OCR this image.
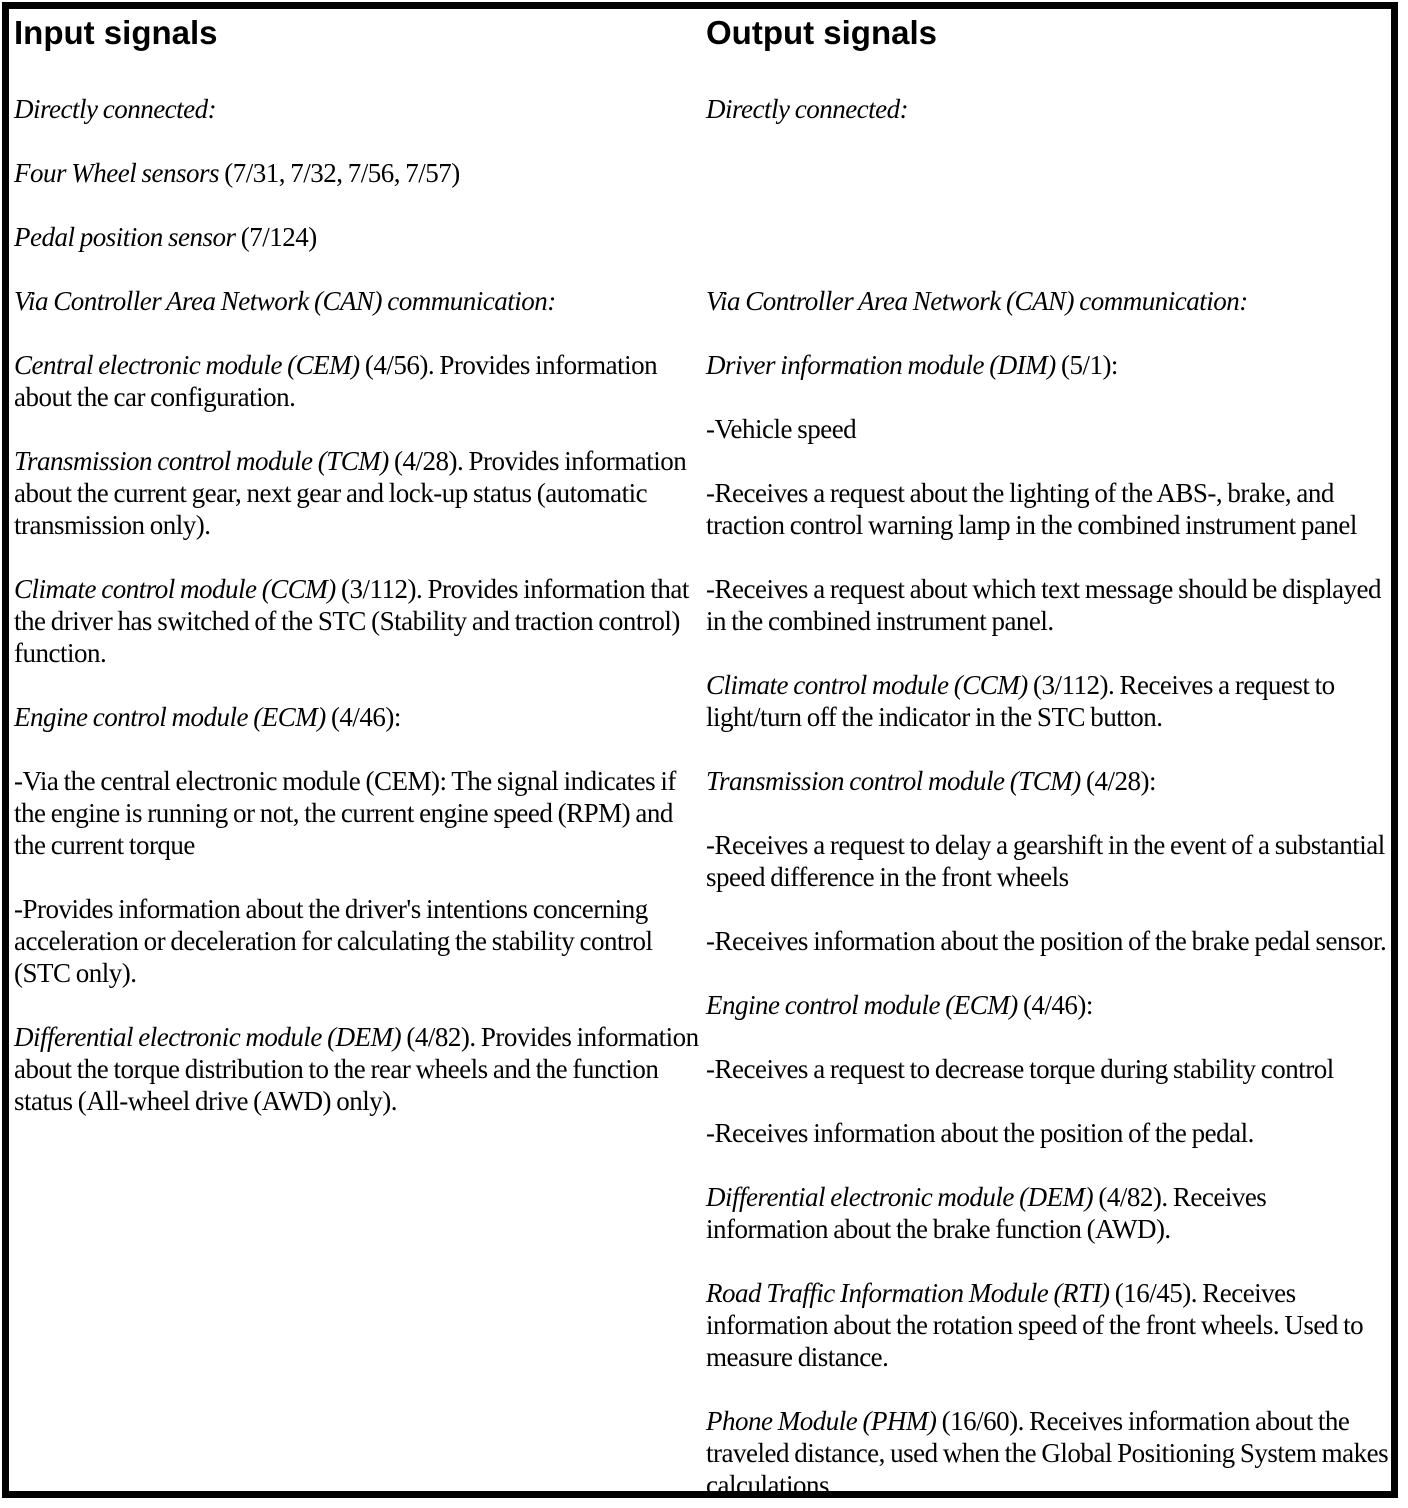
Input signals

Directly connected:

Four Wheel sensors (7/31, 7/32, 7/56, 7/57)

Pedal position sensor (7/124)

Via Controller Area Network (CAN) communication:

Central electronic module (CEM) (4/56). Provides information about the car configuration.

Transmission control module (TCM) (4/28). Provides information about the current gear, next gear and lock-up status (automatic transmission only).

Climate control module (CCM) (3/112). Provides information that the driver has switched of the STC (Stability and traction control) function.

Engine control module (ECM) (4/46):

-Via the central electronic module (CEM): The signal indicates if the engine is running or not, the current engine speed (RPM) and the current torque

-Provides information about the driver's intentions concerning acceleration or deceleration for calculating the stability control (STC only).

Differential electronic module (DEM) (4/82). Provides information about the torque distribution to the rear wheels and the function status (All-wheel drive (AWD) only).

Output signals

Directly connected:

Via Controller Area Network (CAN) communication:

Driver information module (DIM) (5/1):

-Vehicle speed

-Receives a request about the lighting of the ABS-, brake, and traction control warning lamp in the combined instrument panel

-Receives a request about which text message should be displayed in the combined instrument panel.

Climate control module (CCM) (3/112). Receives a request to light/turn off the indicator in the STC button.

Transmission control module (TCM) (4/28):

-Receives a request to delay a gearshift in the event of a substantial speed difference in the front wheels

-Receives information about the position of the brake pedal sensor.

Engine control module (ECM) (4/46):

-Receives a request to decrease torque during stability control

-Receives information about the position of the pedal.

Differential electronic module (DEM) (4/82). Receives information about the brake function (AWD).

Road Traffic Information Module (RTI) (16/45). Receives information about the rotation speed of the front wheels. Used to measure distance.

Phone Module (PHM) (16/60). Receives information about the traveled distance, used when the Global Positioning System makes calculations.
